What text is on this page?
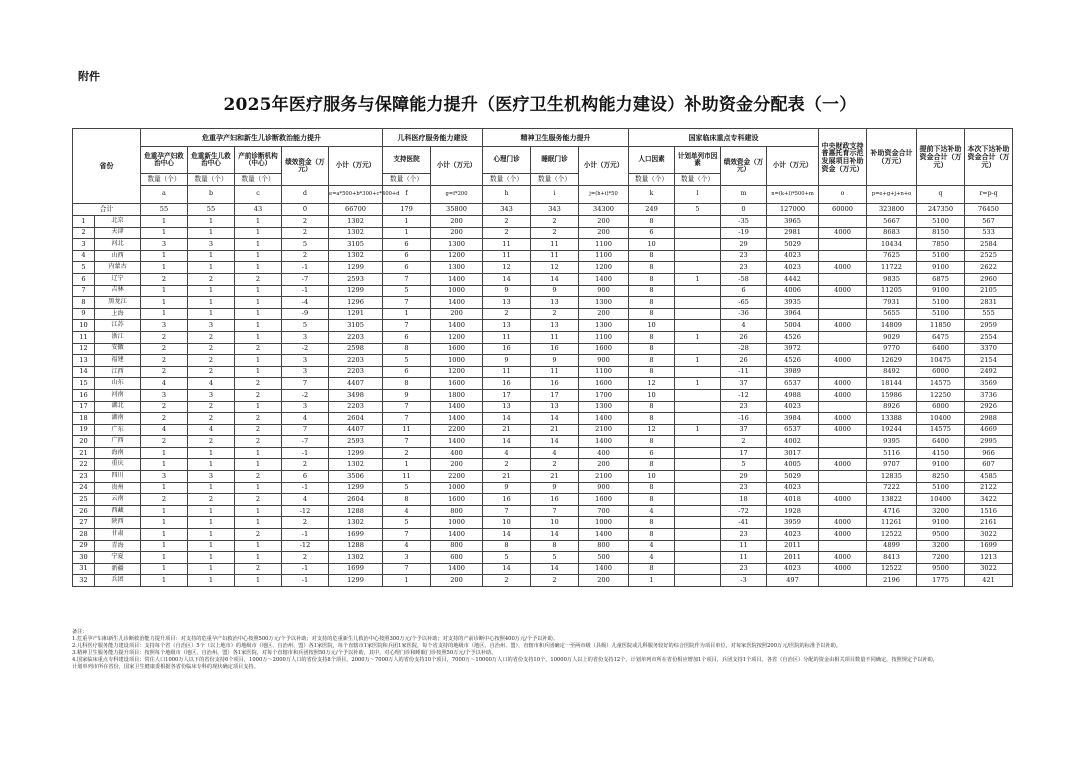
附件
2025年医疗服务与保障能力提升（医疗卫生机构能力建设）补助资金分配表（一）
省份		危重孕产妇和新生儿诊断救治能力提升					儿科医疗服务能力建设		精神卫生服务能力提升			国家临床重点专科建设				中央财政支持普惠托育示范发展项目补助资金（万元）	补助资金合计（万元）	提前下达补助资金合计（万元）	本次下达补助资金合计（万元）
		危重孕产妇救治中心	危重新生儿救治中心	产前诊断机构（中心）	绩效资金（万元）	小计（万元）	支持医院	小计（万元）	心理门诊	睡眠门诊	小计（万元）	人口因素	计划单列市因素	绩效资金（万元）	小计（万元）				
		数量（个）	数量（个）	数量（个）			数量（个）		数量（个）	数量（个）		数量（个）	数量（个）						
		a	b	c	d	e=a*500+b*300+c*400+d	f	g=f*200	h	i	j=(h+i)*50	k	l	m	n=(k+l)*500+m	o	p=e+g+j+n+o	q	r=p-q
合计		55	55	43	0	66700	179	35800	343	343	34300	249	5	0	127000	60000	323800	247350	76450
1	北京	1	1	1	2	1302	1	200	2	2	200	8		-35	3965		5667	5100	567
2	天津	1	1	1	2	1302	1	200	2	2	200	6		-19	2981	4000	8683	8150	533
3	河北	3	3	1	5	3105	6	1300	11	11	1100	10		29	5029		10434	7850	2584
4	山西	1	1	1	2	1302	6	1200	11	11	1100	8		23	4023		7625	5100	2525
5	内蒙古	1	1	1	-1	1299	6	1300	12	12	1200	8		23	4023	4000	11722	9100	2622
6	辽宁	2	2	2	-7	2593	7	1400	14	14	1400	8	1	-58	4442		9835	6875	2960
7	吉林	1	1	1	-1	1299	5	1000	9	9	900	8		6	4006	4000	11205	9100	2105
8	黑龙江	1	1	1	-4	1296	7	1400	13	13	1300	8		-65	3935		7931	5100	2831
9	上海	1	1	1	-9	1291	1	200	2	2	200	8		-36	3964		5655	5100	555
10	江苏	3	3	1	5	3105	7	1400	13	13	1300	10		4	5004	4000	14809	11850	2959
11	浙江	2	2	1	3	2203	6	1200	11	11	1100	8	1	26	4526		9029	6475	2554
12	安徽	2	2	2	-2	2598	8	1600	16	16	1600	8		-28	3972		9770	6400	3370
13	福建	2	2	1	3	2203	5	1000	9	9	900	8	1	26	4526	4000	12629	10475	2154
14	江西	2	2	1	3	2203	6	1200	11	11	1100	8		-11	3989		8492	6000	2492
15	山东	4	4	2	7	4407	8	1600	16	16	1600	12	1	37	6537	4000	18144	14575	3569
16	河南	3	3	2	-2	3498	9	1800	17	17	1700	10		-12	4988	4000	15986	12250	3736
17	湖北	2	2	1	3	2203	7	1400	13	13	1300	8		23	4023		8926	6000	2926
18	湖南	2	2	2	4	2604	7	1400	14	14	1400	8		-16	3984	4000	13388	10400	2988
19	广东	4	4	2	7	4407	11	2200	21	21	2100	12	1	37	6537	4000	19244	14575	4669
20	广西	2	2	2	-7	2593	7	1400	14	14	1400	8		2	4002		9395	6400	2995
21	海南	1	1	1	-1	1299	2	400	4	4	400	6		17	3017		5116	4150	966
22	重庆	1	1	1	2	1302	1	200	2	2	200	8		5	4005	4000	9707	9100	607
23	四川	3	3	2	6	3506	11	2200	21	21	2100	10		29	5029		12835	8250	4585
24	贵州	1	1	1	-1	1299	5	1000	9	9	900	8		23	4023		7222	5100	2122
25	云南	2	2	2	4	2604	8	1600	16	16	1600	8		18	4018	4000	13822	10400	3422
26	西藏	1	1	1	-12	1288	4	800	7	7	700	4		-72	1928		4716	3200	1516
27	陕西	1	1	1	2	1302	5	1000	10	10	1000	8		-41	3959	4000	11261	9100	2161
28	甘肃	1	1	2	-1	1699	7	1400	14	14	1400	8		23	4023	4000	12522	9500	3022
29	青海	1	1	1	-12	1288	4	800	8	8	800	4		11	2011		4899	3200	1699
30	宁夏	1	1	1	2	1302	3	600	5	5	500	4		11	2011	4000	8413	7200	1213
31	新疆	1	1	2	-1	1699	7	1400	14	14	1400	8		23	4023	4000	12522	9500	3022
32	兵团	1	1	1	-1	1299	1	200	2	2	200	1		-3	497		2196	1775	421
备注：
1.危重孕产妇和新生儿诊断救治能力提升项目：对支持的危重孕产妇救治中心按照500万元/个予以补助；对支持的危重新生儿救治中心按照300万元/个予以补助；对支持的产前诊断中心按照400万元/个予以补助。
2.儿科医疗服务能力建设项目：支持每个省（自治区）5个（以上地市）的地级市（地区、自治州、盟）各1家医院，每个直辖市1家医院和兵团1家医院，每个省支持的地级市（地区、自治州、盟），直辖市和兵团确定一至两市级（县级）儿童医院或儿科服务较好的综合医院作为项目单位，对每家医院按照200万元/医院的标准予以补助。
3.精神卫生服务能力提升项目：按照每个地级市（地区、自治州、盟）各1家医院，对每个直辖市和兵团按照50万元/个予以补助，其中，对心理门诊和睡眠门诊按照50万元/个予以补助。
4.国家临床重点专科建设项目：常住人口1000万人以下的省份支持6个项目，1000万～2000万人口的省份支持8个项目，2000万～7000万人的省份支持10个项目，7000万～10000万人口的省份支持10个，10000万人以上的省份支持12个，计划单列市所在省份相应增加1个项目，兵团支持1个项目。各省（自治区）分配的资金由相关项目数量不同确定，按照规定予以补助，
计划单列市所在省份，国家卫生健康委根据各省份临床专科的现状确定项目支持。
